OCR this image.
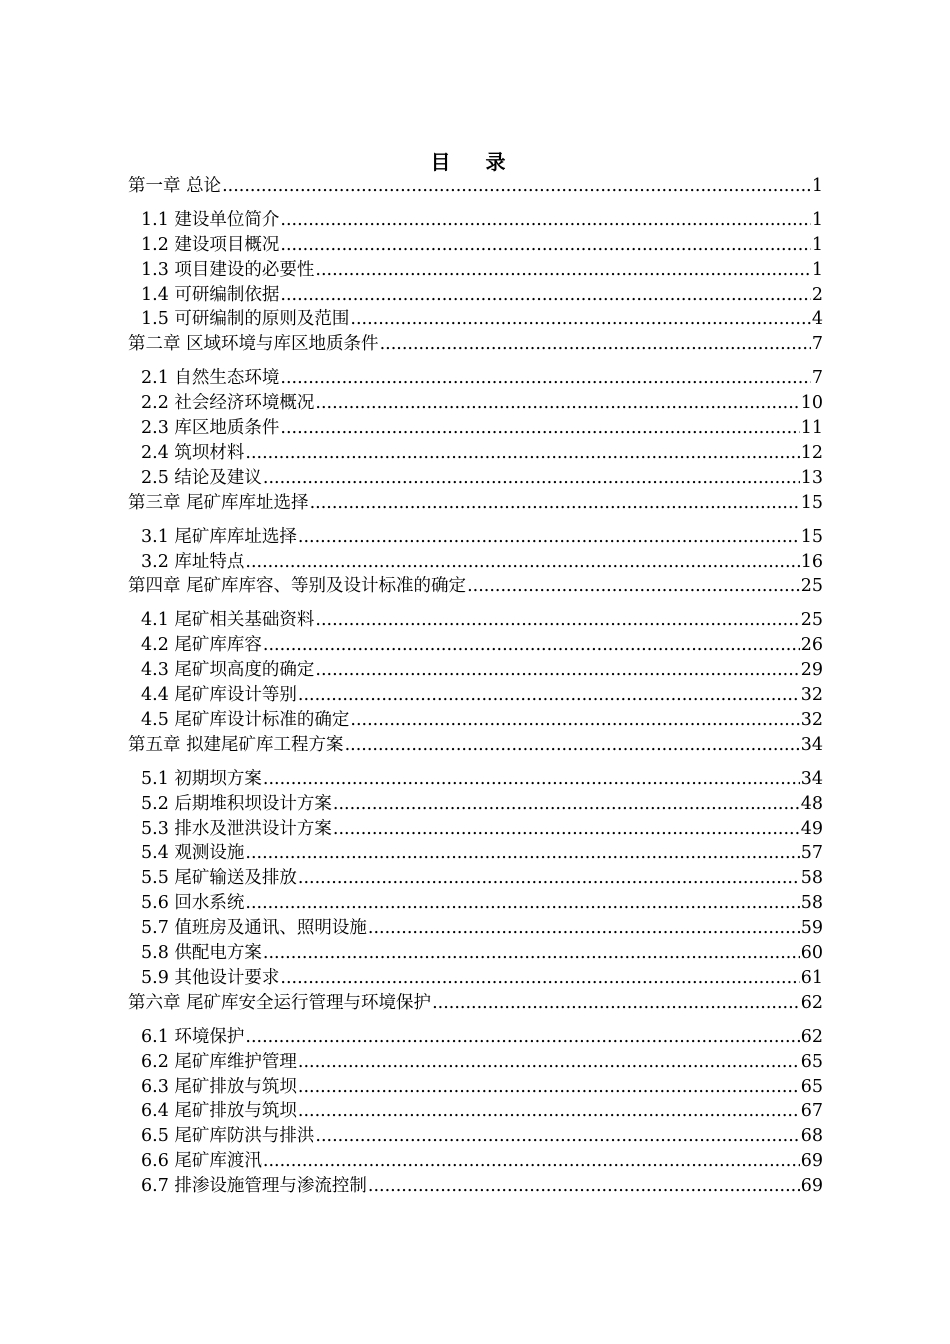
目 录
第一章 总论 .....	1
1.1 建设单位简介 .....	1
1.2 建设项目概况 .....	1
1.3 项目建设的必要性 .....	1
1.4 可研编制依据 .....	2
1.5 可研编制的原则及范围 .....	4
第二章 区域环境与库区地质条件 .....	7
2.1 自然生态环境 .....	7
2.2 社会经济环境概况 .....	10
2.3 库区地质条件 .....	11
2.4 筑坝材料 .....	12
2.5 结论及建议 .....	13
第三章 尾矿库库址选择 .....	15
3.1 尾矿库库址选择 .....	15
3.2 库址特点 .....	16
第四章 尾矿库库容、等别及设计标准的确定 .....	25
4.1 尾矿相关基础资料 .....	25
4.2 尾矿库库容 .....	26
4.3 尾矿坝高度的确定 .....	29
4.4 尾矿库设计等别 .....	32
4.5 尾矿库设计标准的确定 .....	32
第五章 拟建尾矿库工程方案 .....	34
5.1 初期坝方案 .....	34
5.2 后期堆积坝设计方案 .....	48
5.3 排水及泄洪设计方案 .....	49
5.4 观测设施 .....	57
5.5 尾矿输送及排放 .....	58
5.6 回水系统 .....	58
5.7 值班房及通讯、照明设施 .....	59
5.8 供配电方案 .....	60
5.9 其他设计要求 .....	61
第六章 尾矿库安全运行管理与环境保护 .....	62
6.1 环境保护 .....	62
6.2 尾矿库维护管理 .....	65
6.3 尾矿排放与筑坝 .....	65
6.4 尾矿排放与筑坝 .....	67
6.5 尾矿库防洪与排洪 .....	68
6.6 尾矿库渡汛 .....	69
6.7 排渗设施管理与渗流控制 .....	69
